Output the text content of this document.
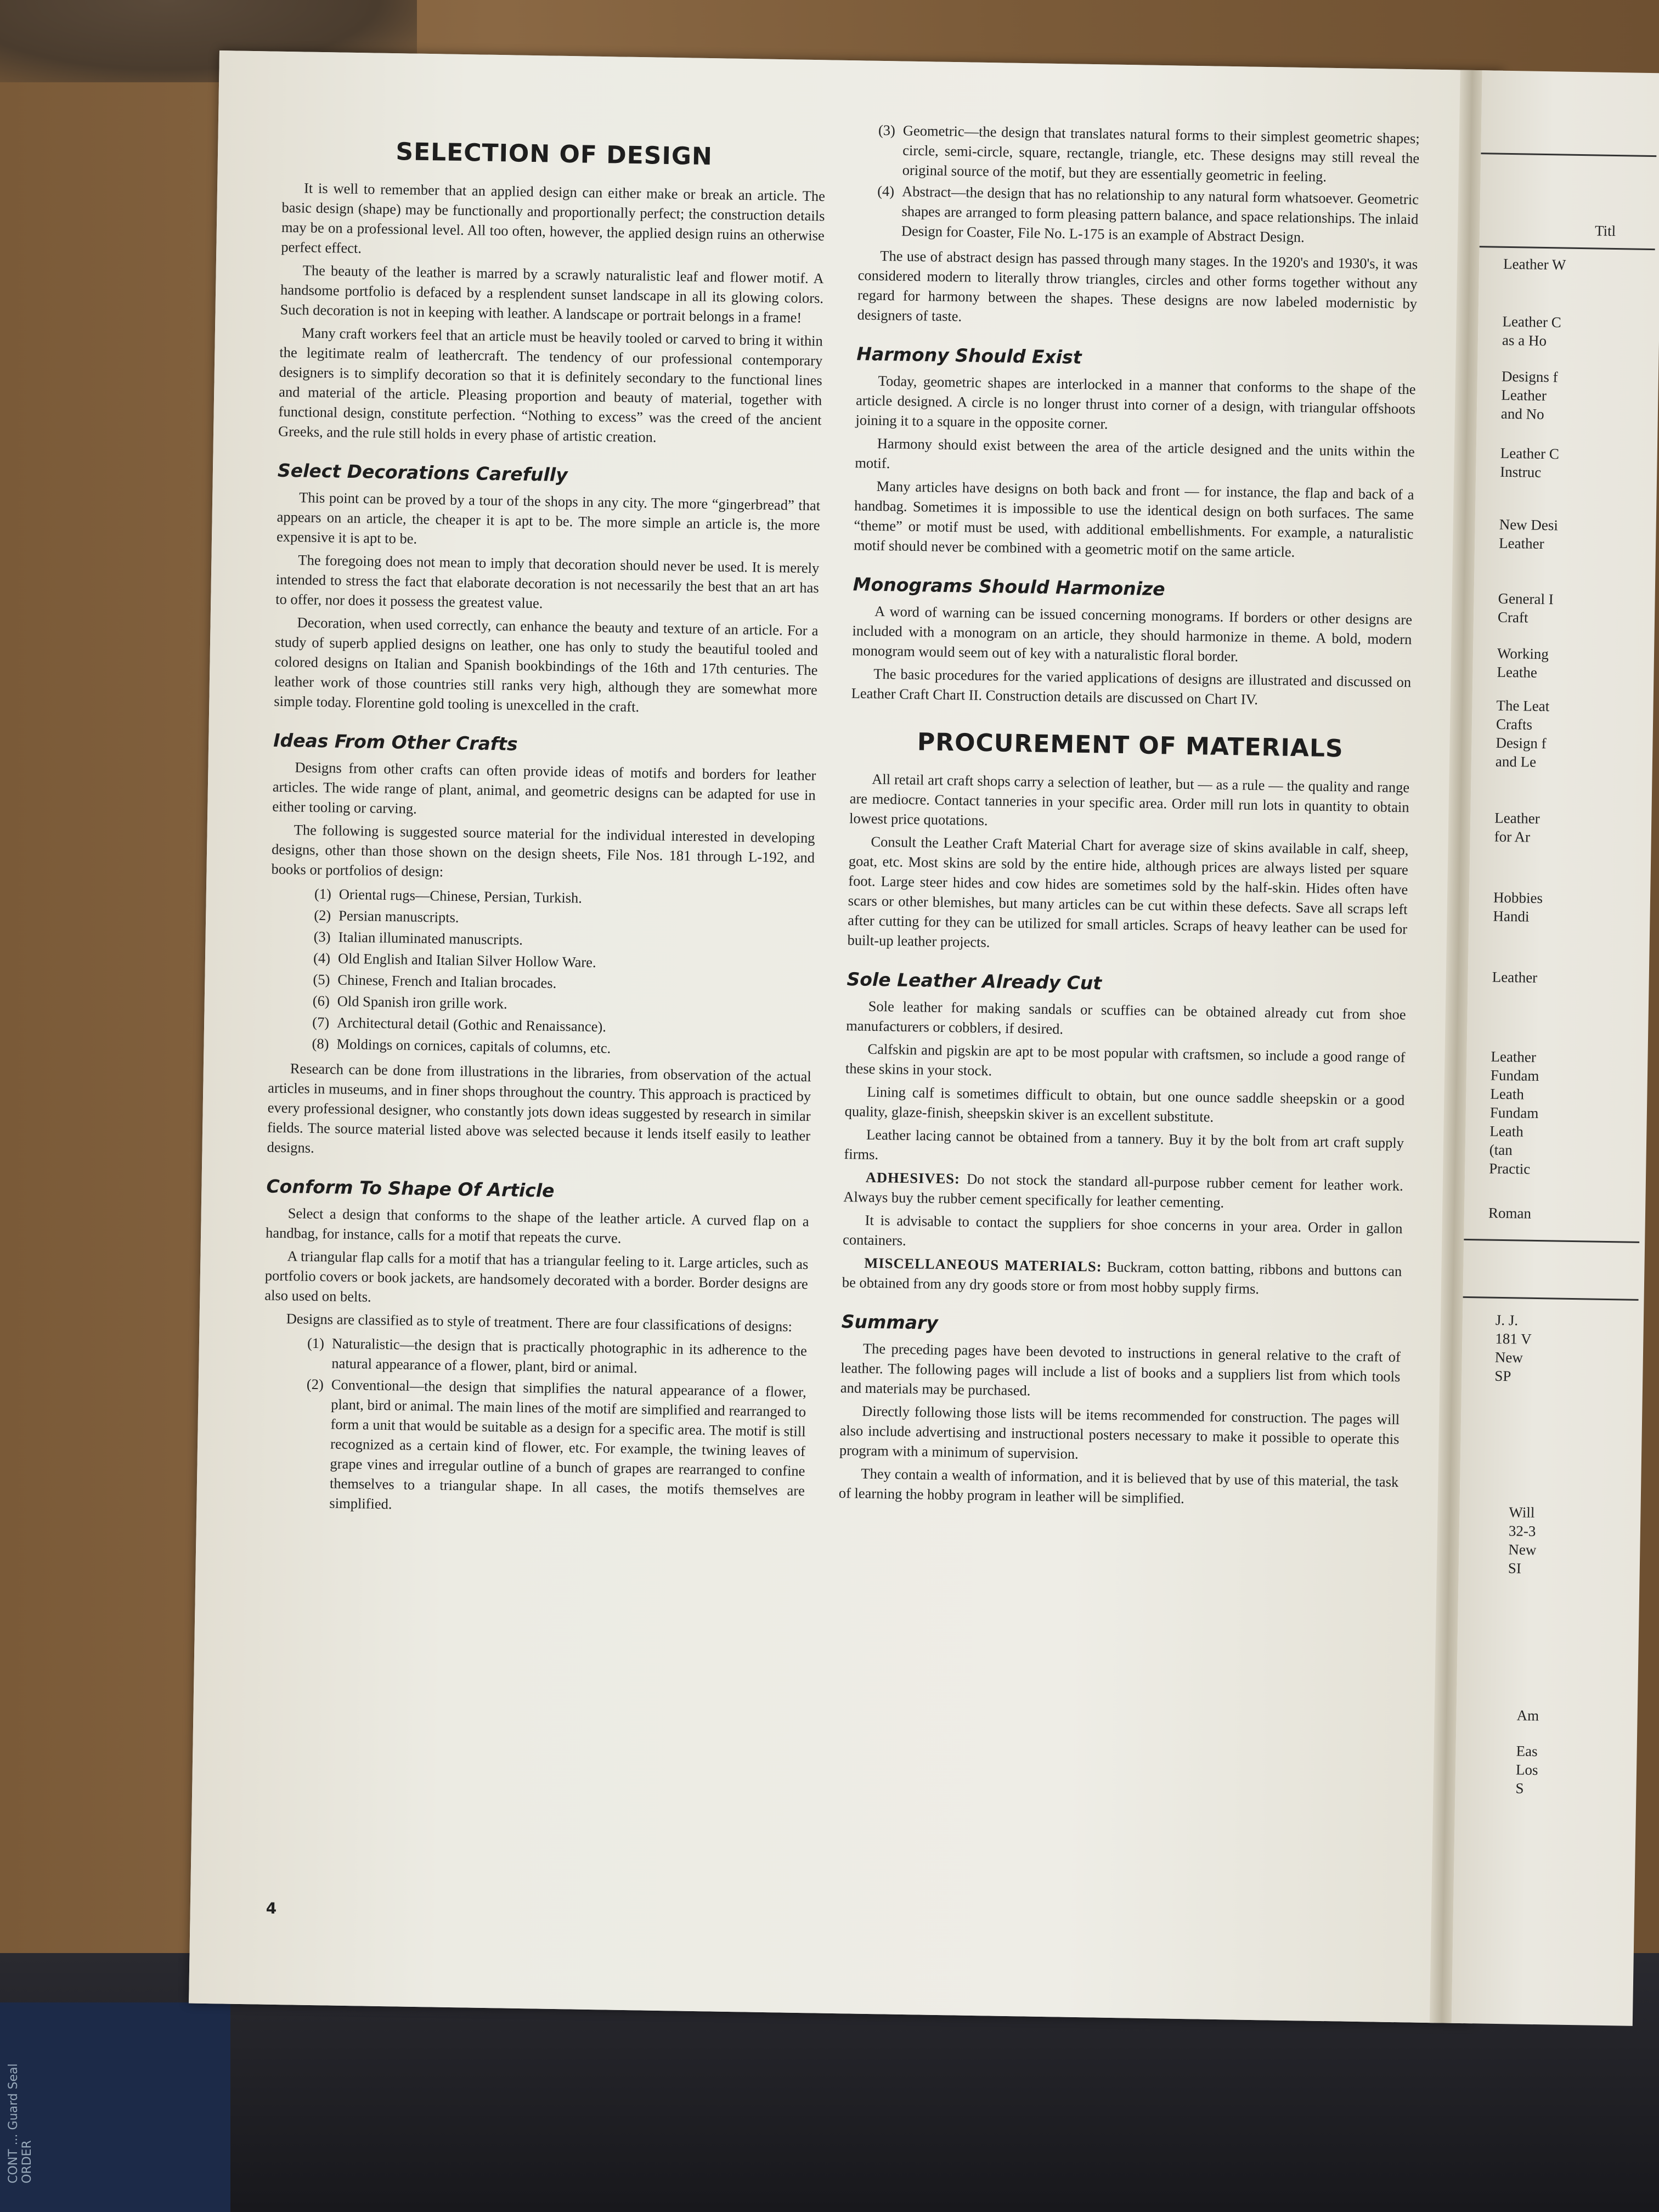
CONT ... Guard Seal ORDER
SELECTION OF DESIGN

It is well to remember that an applied design can either make or break an article. The basic design (shape) may be functionally and proportionally perfect; the construction details may be on a professional level. All too often, however, the applied design ruins an otherwise perfect effect.

The beauty of the leather is marred by a scrawly naturalistic leaf and flower motif. A handsome portfolio is defaced by a resplendent sunset landscape in all its glowing colors. Such decoration is not in keeping with leather. A landscape or portrait belongs in a frame!

Many craft workers feel that an article must be heavily tooled or carved to bring it within the legitimate realm of leathercraft. The tendency of our professional contemporary designers is to simplify decoration so that it is definitely secondary to the functional lines and material of the article. Pleasing proportion and beauty of material, together with functional design, constitute perfection. “Nothing to excess” was the creed of the ancient Greeks, and the rule still holds in every phase of artistic creation.

Select Decorations Carefully

This point can be proved by a tour of the shops in any city. The more “gingerbread” that appears on an article, the cheaper it is apt to be. The more simple an article is, the more expensive it is apt to be.

The foregoing does not mean to imply that decoration should never be used. It is merely intended to stress the fact that elaborate decoration is not necessarily the best that an art has to offer, nor does it possess the greatest value.

Decoration, when used correctly, can enhance the beauty and texture of an article. For a study of superb applied designs on leather, one has only to study the beautiful tooled and colored designs on Italian and Spanish bookbindings of the 16th and 17th centuries. The leather work of those countries still ranks very high, although they are somewhat more simple today. Florentine gold tooling is unexcelled in the craft.

Ideas From Other Crafts

Designs from other crafts can often provide ideas of motifs and borders for leather articles. The wide range of plant, animal, and geometric designs can be adapted for use in either tooling or carving.

The following is suggested source material for the individual interested in developing designs, other than those shown on the design sheets, File Nos. 181 through L-192, and books or portfolios of design:

(1) Oriental rugs—Chinese, Persian, Turkish.
(2) Persian manuscripts.
(3) Italian illuminated manuscripts.
(4) Old English and Italian Silver Hollow Ware.
(5) Chinese, French and Italian brocades.
(6) Old Spanish iron grille work.
(7) Architectural detail (Gothic and Renaissance).
(8) Moldings on cornices, capitals of columns, etc.

Research can be done from illustrations in the libraries, from observation of the actual articles in museums, and in finer shops throughout the country. This approach is practiced by every professional designer, who constantly jots down ideas suggested by research in similar fields. The source material listed above was selected because it lends itself easily to leather designs.

Conform To Shape Of Article

Select a design that conforms to the shape of the leather article. A curved flap on a handbag, for instance, calls for a motif that repeats the curve.

A triangular flap calls for a motif that has a triangular feeling to it. Large articles, such as portfolio covers or book jackets, are handsomely decorated with a border. Border designs are also used on belts.

Designs are classified as to style of treatment. There are four classifications of designs:

(1) Naturalistic—the design that is practically photographic in its adherence to the natural appearance of a flower, plant, bird or animal.
(2) Conventional—the design that simplifies the natural appearance of a flower, plant, bird or animal. The main lines of the motif are simplified and rearranged to form a unit that would be suitable as a design for a specific area. The motif is still recognized as a certain kind of flower, etc. For example, the twining leaves of grape vines and irregular outline of a bunch of grapes are rearranged to confine themselves to a triangular shape. In all cases, the motifs themselves are simplified.
(3) Geometric—the design that translates natural forms to their simplest geometric shapes; circle, semi-circle, square, rectangle, triangle, etc. These designs may still reveal the original source of the motif, but they are essentially geometric in feeling.
(4) Abstract—the design that has no relationship to any natural form whatsoever. Geometric shapes are arranged to form pleasing pattern balance, and space relationships. The inlaid Design for Coaster, File No. L-175 is an example of Abstract Design.

The use of abstract design has passed through many stages. In the 1920's and 1930's, it was considered modern to literally throw triangles, circles and other forms together without any regard for harmony between the shapes. These designs are now labeled modernistic by designers of taste.

Harmony Should Exist

Today, geometric shapes are interlocked in a manner that conforms to the shape of the article designed. A circle is no longer thrust into corner of a design, with triangular offshoots joining it to a square in the opposite corner.

Harmony should exist between the area of the article designed and the units within the motif.

Many articles have designs on both back and front — for instance, the flap and back of a handbag. Sometimes it is impossible to use the identical design on both surfaces. The same “theme” or motif must be used, with additional embellishments. For example, a naturalistic motif should never be combined with a geometric motif on the same article.

Monograms Should Harmonize

A word of warning can be issued concerning monograms. If borders or other designs are included with a monogram on an article, they should harmonize in theme. A bold, modern monogram would seem out of key with a naturalistic floral border.

The basic procedures for the varied applications of designs are illustrated and discussed on Leather Craft Chart II. Construction details are discussed on Chart IV.

PROCUREMENT OF MATERIALS

All retail art craft shops carry a selection of leather, but — as a rule — the quality and range are mediocre. Contact tanneries in your specific area. Order mill run lots in quantity to obtain lowest price quotations.

Consult the Leather Craft Material Chart for average size of skins available in calf, sheep, goat, etc. Most skins are sold by the entire hide, although prices are always listed per square foot. Large steer hides and cow hides are sometimes sold by the half-skin. Hides often have scars or other blemishes, but many articles can be cut within these defects. Save all scraps left after cutting for they can be utilized for small articles. Scraps of heavy leather can be used for built-up leather projects.

Sole Leather Already Cut

Sole leather for making sandals or scuffies can be obtained already cut from shoe manufacturers or cobblers, if desired.

Calfskin and pigskin are apt to be most popular with craftsmen, so include a good range of these skins in your stock.

Lining calf is sometimes difficult to obtain, but one ounce saddle sheepskin or a good quality, glaze-finish, sheepskin skiver is an excellent substitute.

Leather lacing cannot be obtained from a tannery. Buy it by the bolt from art craft supply firms.

ADHESIVES: Do not stock the standard all-purpose rubber cement for leather work. Always buy the rubber cement specifically for leather cementing.

It is advisable to contact the suppliers for shoe concerns in your area. Order in gallon containers.

MISCELLANEOUS MATERIALS: Buckram, cotton batting, ribbons and buttons can be obtained from any dry goods store or from most hobby supply firms.

Summary

The preceding pages have been devoted to instructions in general relative to the craft of leather. The following pages will include a list of books and a suppliers list from which tools and materials may be purchased.

Directly following those lists will be items recommended for construction. The pages will also include advertising and instructional posters necessary to make it possible to operate this program with a minimum of supervision.

They contain a wealth of information, and it is believed that by use of this material, the task of learning the hobby program in leather will be simplified.

4
Titl
Leather W
Leather C
as a Ho
Designs f
Leather
and No
Leather C
Instruc
New Desi
Leather
General I
Craft
Working
Leathe
The Leat
Crafts
Design f
and Le
Leather
for Ar
Hobbies
Handi
Leather
Leather
Fundam
Leath
Fundam
Leath
(tan
Practic
Roman
J. J.
181 V
New
SP
Will
32-3
New
SI
Am
Eas
Los
S
